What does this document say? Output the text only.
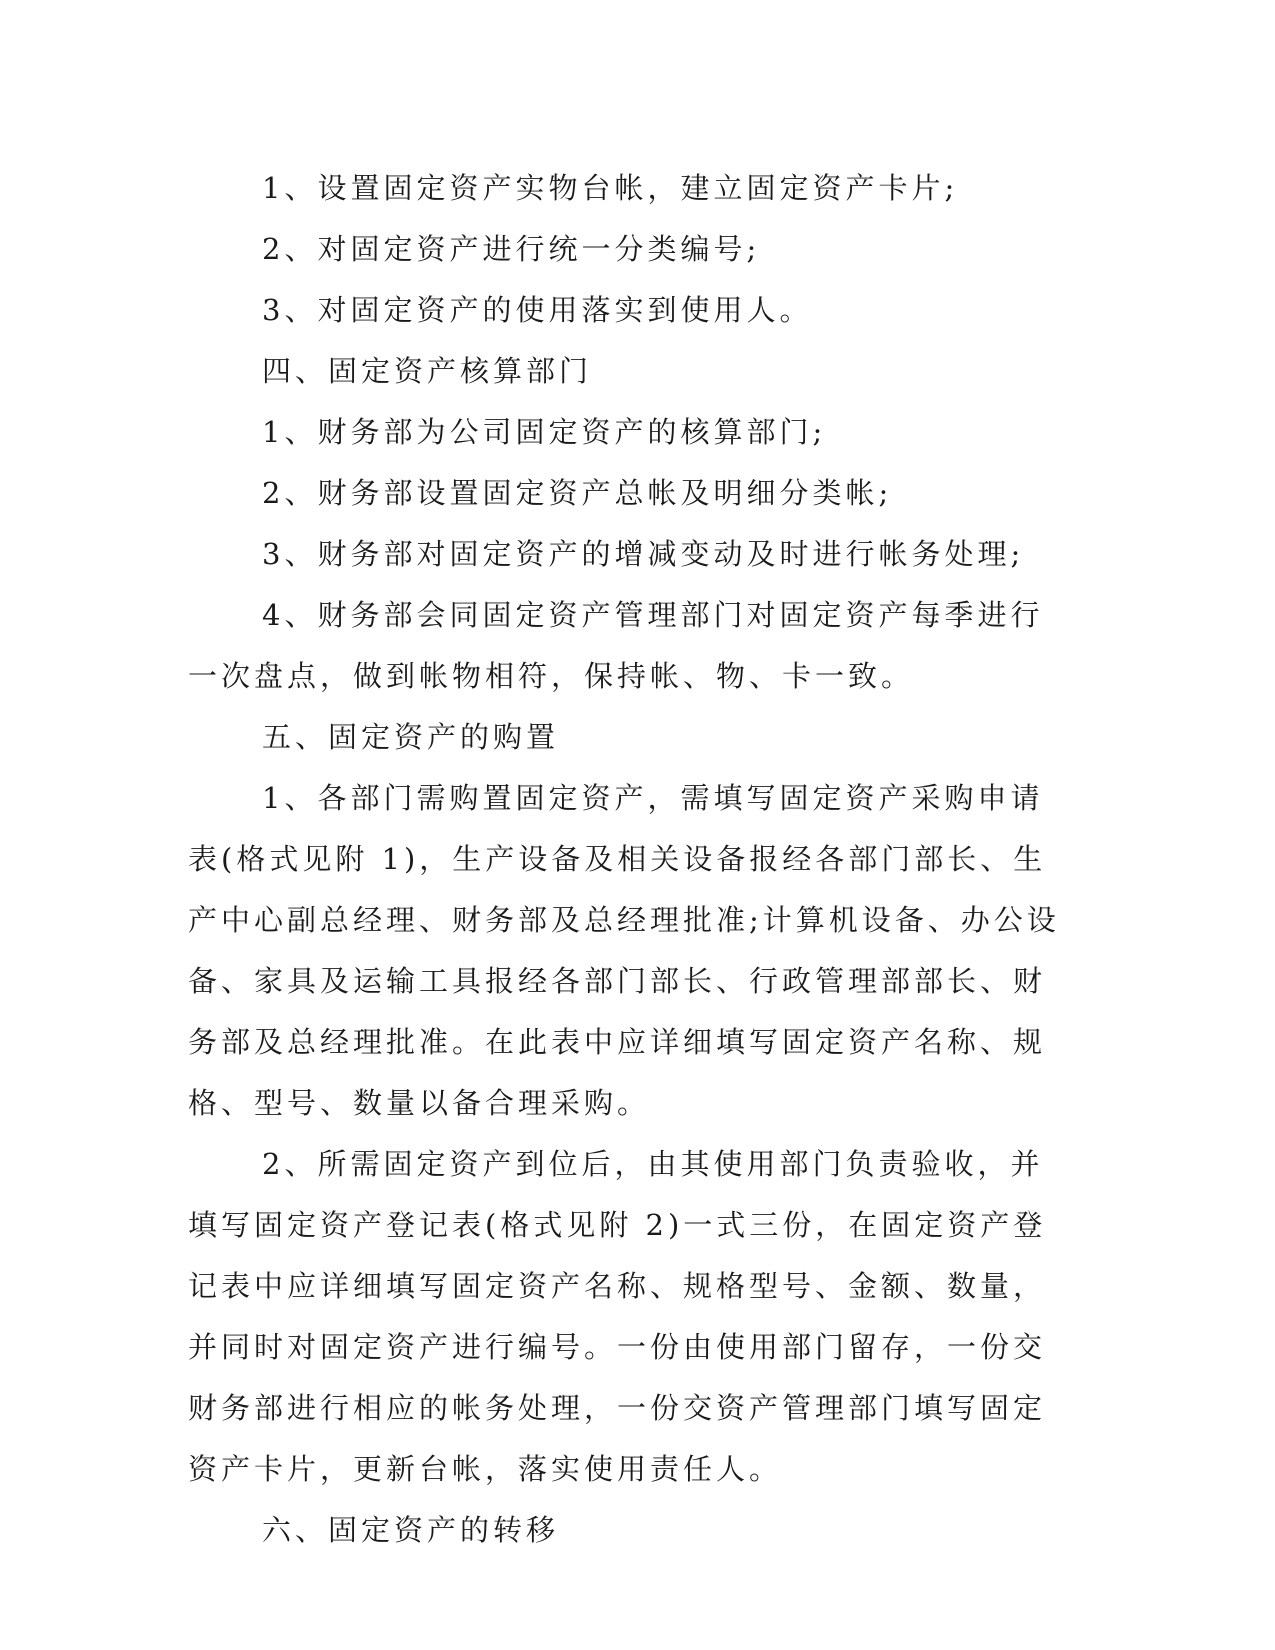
1、设置固定资产实物台帐，建立固定资产卡片;

2、对固定资产进行统一分类编号;

3、对固定资产的使用落实到使用人。

四、固定资产核算部门

1、财务部为公司固定资产的核算部门;

2、财务部设置固定资产总帐及明细分类帐;

3、财务部对固定资产的增减变动及时进行帐务处理;

4、财务部会同固定资产管理部门对固定资产每季进行一次盘点，做到帐物相符，保持帐、物、卡一致。

五、固定资产的购置

1、各部门需购置固定资产，需填写固定资产采购申请表(格式见附 1)，生产设备及相关设备报经各部门部长、生产中心副总经理、财务部及总经理批准;计算机设备、办公设备、家具及运输工具报经各部门部长、行政管理部部长、财务部及总经理批准。在此表中应详细填写固定资产名称、规格、型号、数量以备合理采购。

2、所需固定资产到位后，由其使用部门负责验收，并填写固定资产登记表(格式见附 2)一式三份，在固定资产登记表中应详细填写固定资产名称、规格型号、金额、数量，并同时对固定资产进行编号。一份由使用部门留存，一份交财务部进行相应的帐务处理，一份交资产管理部门填写固定资产卡片，更新台帐，落实使用责任人。

六、固定资产的转移
